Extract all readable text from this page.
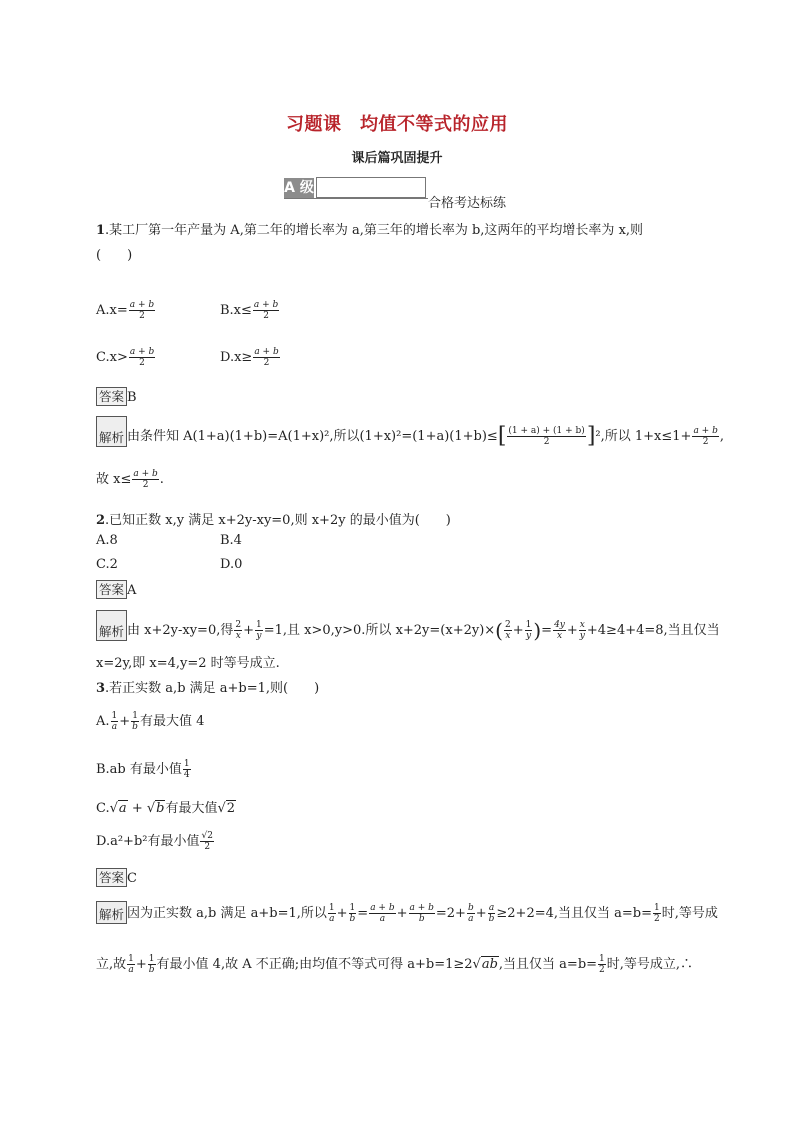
习题课　均值不等式的应用
课后篇巩固提升
A 级
合格考达标练
1.某工厂第一年产量为 A,第二年的增长率为 a,第三年的增长率为 b,这两年的平均增长率为 x,则
(　　)
$A.x= \frac{a + b}{2}$	$B.x\le \frac{a + b}{2}$
$C.x> \frac{a + b}{2}$	$D.x\ge \frac{a + b}{2}$
答案 B
解析 由条件知 A(1+a)(1+b)=A(1+x)²,所以$(1+x)^2=(1+a)(1+b)\le[ \frac{(1 + a) + (1 + b)}{2} ]^2$,所以 $1+x\le 1+ \frac{a + b}{2}$ ,
故 $x\le \frac{a + b}{2}$ .
2.已知正数 x,y 满足 x+2y-xy=0,则 x+2y 的最小值为(　　)
A.8	B.4
C.2	D.0
答案 A
解析 由 x+2y-xy=0,得 $\frac{2}{x} + \frac{1}{y} =1$,且 x>0,y>0.所以 $x+2y=(x+2y)\times( \frac{2}{x} + \frac{1}{y}$ )= $\frac{4y}{x} + \frac{x}{y} +4\ge 4+4=8$,当且仅当
x=2y,即 x=4,y=2 时等号成立.
3.若正实数 a,b 满足 a+b=1,则(　　)
A. $\frac{1}{a} + \frac{1}{b}$ 有最大值 4
B.ab 有最小值 $\frac{1}{4}$
C.√a + √b有最大值√2
D.a²+b²有最小值 $\frac{√2}{2}$
答案 C
解析 因为正实数 a,b 满足 a+b=1,所以 $\frac{1}{a} + \frac{1}{b} = \frac{a + b}{a} + \frac{a + b}{b} =2+ \frac{b}{a} + \frac{a}{b} \ge 2+2=4$,当且仅当 $a=b= \frac{1}{2}$ 时,等号成
立,故 $\frac{1}{a} + \frac{1}{b}$ 有最小值 4,故 A 不正确;由均值不等式可得 a+b=1≥2√ab,当且仅当 $a=b= \frac{1}{2}$ 时,等号成立,∴
